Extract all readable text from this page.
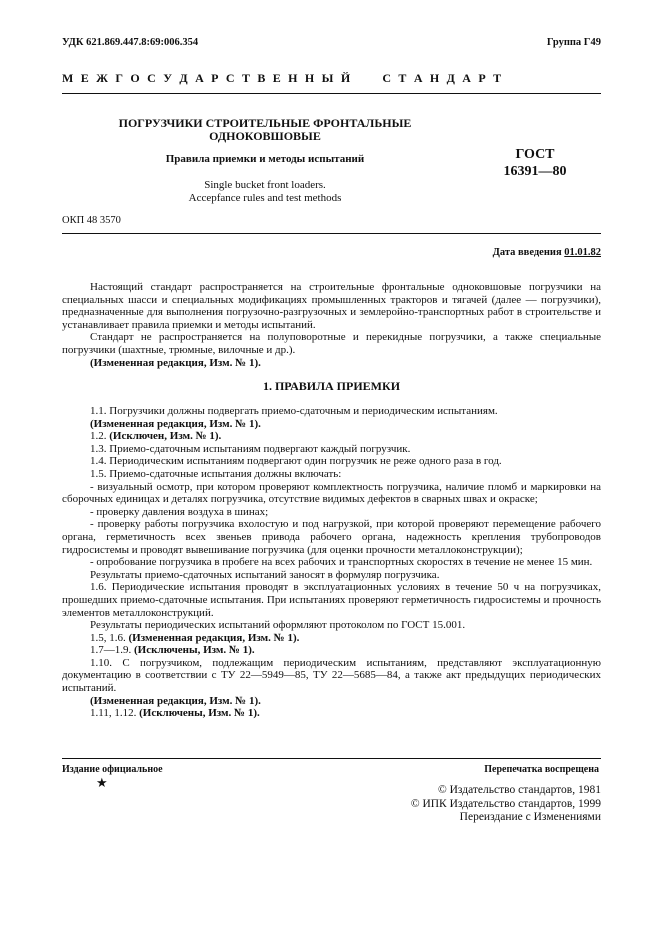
УДК 621.869.447.8:69:006.354	Группа Г49
М Е Ж Г О С У Д А Р С Т В Е Н Н Ы Й     С Т А Н Д А Р Т
ПОГРУЗЧИКИ СТРОИТЕЛЬНЫЕ ФРОНТАЛЬНЫЕ
ОДНОКОВШОВЫЕ
Правила приемки и методы испытаний
Single bucket front loaders.
Accepfance rules and test methods
ГОСТ
16391—80
ОКП 48 3570
Дата введения 01.01.82

Настоящий стандарт распространяется на строительные фронтальные одноковшовые погрузчики на специальных шасси и специальных модификациях промышленных тракторов и тягачей (далее — погрузчики), предназначенные для выполнения погрузочно-разгрузочных и землеройно-транспортных работ в строительстве и устанавливает правила приемки и методы испытаний.

Стандарт не распространяется на полуповоротные и перекидные погрузчики, а также специальные погрузчики (шахтные, трюмные, вилочные и др.).

(Измененная редакция, Изм. № 1).

1. ПРАВИЛА ПРИЕМКИ

1.1. Погрузчики должны подвергать приемо-сдаточным и периодическим испытаниям.

(Измененная редакция, Изм. № 1).

1.2. (Исключен, Изм. № 1).

1.3. Приемо-сдаточным испытаниям подвергают каждый погрузчик.

1.4. Периодическим испытаниям подвергают один погрузчик не реже одного раза в год.

1.5. Приемо-сдаточные испытания должны включать:

- визуальный осмотр, при котором проверяют комплектность погрузчика, наличие пломб и маркировки на сборочных единицах и деталях погрузчика, отсутствие видимых дефектов в сварных швах и окраске;

- проверку давления воздуха в шинах;

- проверку работы погрузчика вхолостую и под нагрузкой, при которой проверяют перемещение рабочего органа, герметичность всех звеньев привода рабочего органа, надежность крепления трубопроводов гидросистемы и проводят вывешивание погрузчика (для оценки прочности металлоконструкции);

- опробование погрузчика в пробеге на всех рабочих и транспортных скоростях в течение не менее 15 мин.

Результаты приемо-сдаточных испытаний заносят в формуляр погрузчика.

1.6. Периодические испытания проводят в эксплуатационных условиях в течение 50 ч на погрузчиках, прошедших приемо-сдаточные испытания. При испытаниях проверяют герметичность гидросистемы и прочность элементов металлоконструкций.

Результаты периодических испытаний оформляют протоколом по ГОСТ 15.001.

1.5, 1.6. (Измененная редакция, Изм. № 1).

1.7—1.9. (Исключены, Изм. № 1).

1.10. С погрузчиком, подлежащим периодическим испытаниям, представляют эксплуатационную документацию в соответствии с ТУ 22—5949—85, ТУ 22—5685—84, а также акт предыдущих периодических испытаний.

(Измененная редакция, Изм. № 1).

1.11, 1.12. (Исключены, Изм. № 1).

Издание официальное
★
Перепечатка воспрещена
© Издательство стандартов, 1981
© ИПК Издательство стандартов, 1999
Переиздание с Изменениями
